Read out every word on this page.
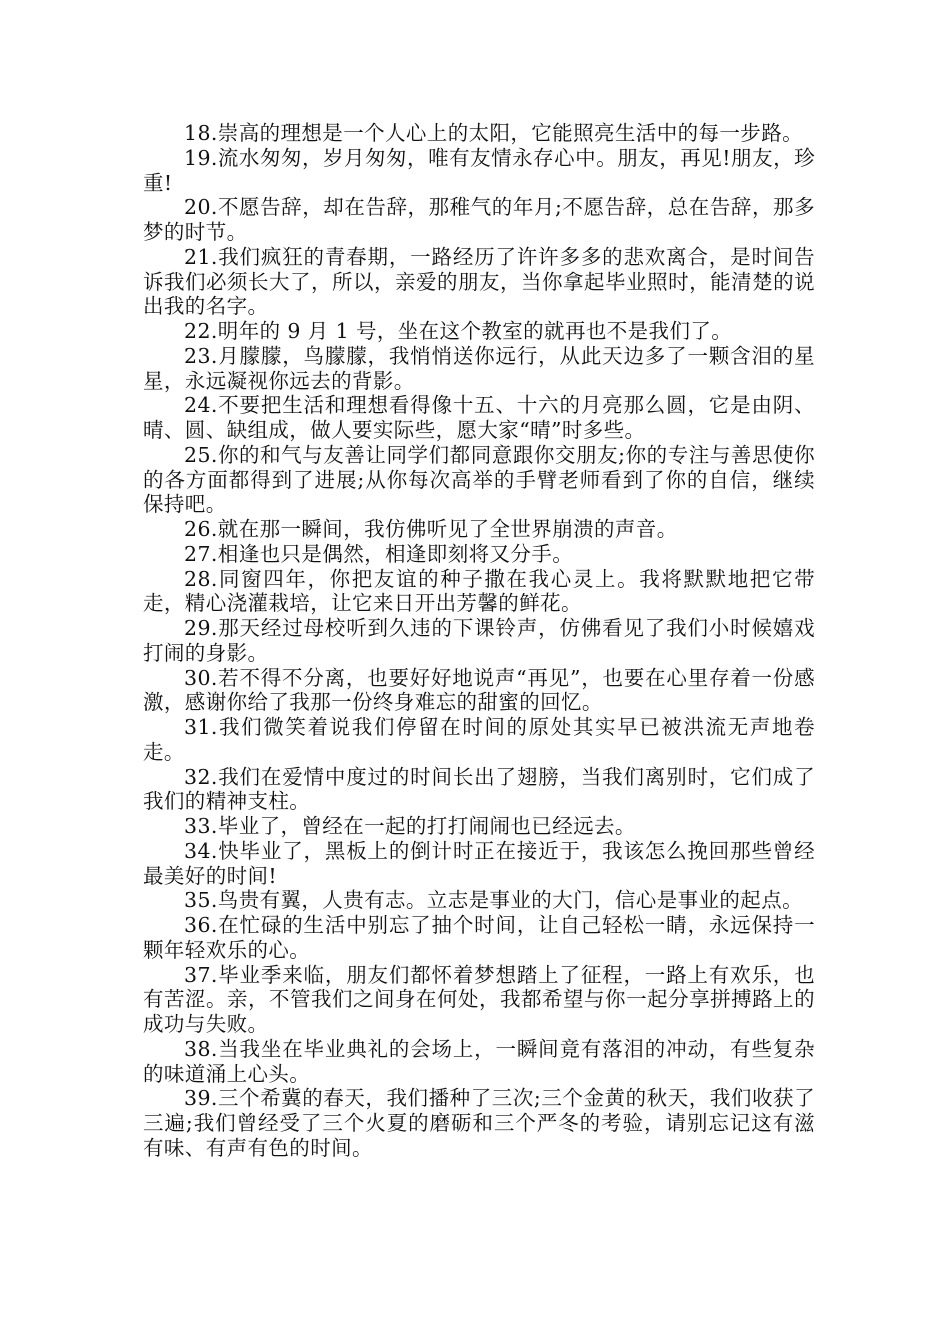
18.崇高的理想是一个人心上的太阳，它能照亮生活中的每一步路。

19.流水匆匆，岁月匆匆，唯有友情永存心中。朋友，再见!朋友，珍重!

20.不愿告辞，却在告辞，那稚气的年月;不愿告辞，总在告辞，那多梦的时节。

21.我们疯狂的青春期，一路经历了许许多多的悲欢离合，是时间告诉我们必须长大了，所以，亲爱的朋友，当你拿起毕业照时，能清楚的说出我的名字。

22.明年的 9 月 1 号，坐在这个教室的就再也不是我们了。

23.月朦朦，鸟朦朦，我悄悄送你远行，从此天边多了一颗含泪的星星，永远凝视你远去的背影。

24.不要把生活和理想看得像十五、十六的月亮那么圆，它是由阴、晴、圆、缺组成，做人要实际些，愿大家“晴”时多些。

25.你的和气与友善让同学们都同意跟你交朋友;你的专注与善思使你的各方面都得到了进展;从你每次高举的手臂老师看到了你的自信，继续保持吧。

26.就在那一瞬间，我仿佛听见了全世界崩溃的声音。

27.相逢也只是偶然，相逢即刻将又分手。

28.同窗四年，你把友谊的种子撒在我心灵上。我将默默地把它带走，精心浇灌栽培，让它来日开出芳馨的鲜花。

29.那天经过母校听到久违的下课铃声，仿佛看见了我们小时候嬉戏打闹的身影。

30.若不得不分离，也要好好地说声“再见”，也要在心里存着一份感激，感谢你给了我那一份终身难忘的甜蜜的回忆。

31.我们微笑着说我们停留在时间的原处其实早已被洪流无声地卷走。

32.我们在爱情中度过的时间长出了翅膀，当我们离别时，它们成了我们的精神支柱。

33.毕业了，曾经在一起的打打闹闹也已经远去。

34.快毕业了，黑板上的倒计时正在接近于，我该怎么挽回那些曾经最美好的时间!

35.鸟贵有翼，人贵有志。立志是事业的大门，信心是事业的起点。

36.在忙碌的生活中别忘了抽个时间，让自己轻松一睛，永远保持一颗年轻欢乐的心。

37.毕业季来临，朋友们都怀着梦想踏上了征程，一路上有欢乐，也有苦涩。亲，不管我们之间身在何处，我都希望与你一起分享拼搏路上的成功与失败。

38.当我坐在毕业典礼的会场上，一瞬间竟有落泪的冲动，有些复杂的味道涌上心头。

39.三个希冀的春天，我们播种了三次;三个金黄的秋天，我们收获了三遍;我们曾经受了三个火夏的磨砺和三个严冬的考验，请别忘记这有滋有味、有声有色的时间。
